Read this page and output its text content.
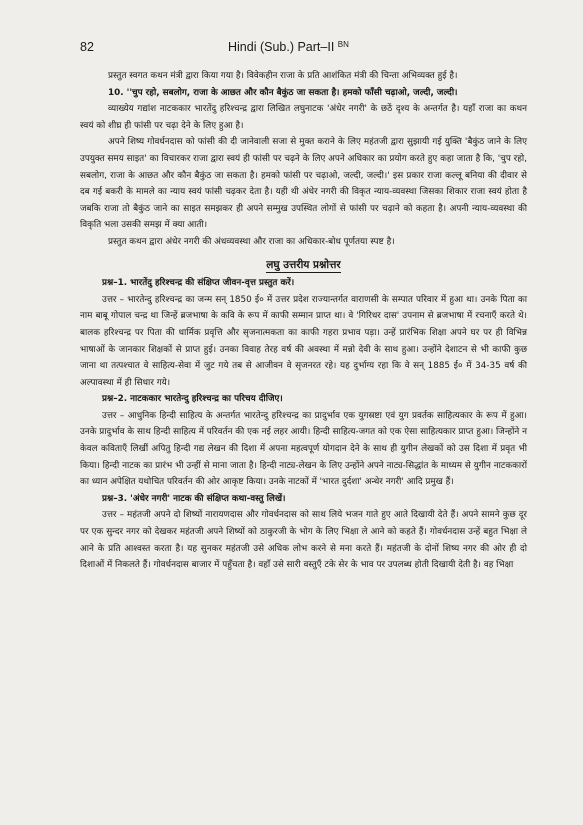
82	Hindi (Sub.) Part–II $^{BN}$

प्रस्तुत स्वगत कथन मंत्री द्वारा किया गया है। विवेकहीन राजा के प्रति आशंकित मंत्री की चिन्ता अभिव्यक्त हुई है।

10. ''चुप रहो, सबलोग, राजा के आछत और कौन बैकुंठ जा सकता है। हमको फाँसी चढ़ाओ, जल्दी, जल्दी।

व्याख्येय गद्यांश नाटककार भारतेंदु हरिश्चन्द्र द्वारा लिखित लघुनाटक 'अंधेर नगरी' के छठें दृश्य के अन्तर्गत है। यहाँ राजा का कथन स्वयं को शीघ्र ही फांसी पर चढ़ा देने के लिए हुआ है।

अपने शिष्य गोवर्धनदास को फांसी की दी जानेवाली सजा से मुक्त कराने के लिए महंतजी द्वारा सुझायी गई युक्ति 'बैकुंठ जाने के लिए उपयुक्त समय साइत' का विचारकर राजा द्वारा स्वयं ही फांसी पर चढ़ने के लिए अपने अधिकार का प्रयोग करते हुए कहा जाता है कि, 'चुप रहो, सबलोग, राजा के आछत और कौन बैकुंठ जा सकता है। हमको फांसी पर चढ़ाओ, जल्दी, जल्दी।' इस प्रकार राजा कल्लू बनिया की दीवार से दब गई बकरी के मामले का न्याय स्वयं फांसी चढ़कर देता है। यही थी अंधेर नगरी की विकृत न्याय-व्यवस्था जिसका शिकार राजा स्वयं होता है जबकि राजा तो बैकुंठ जाने का साइत समझकर ही अपने सम्मुख उपस्थित लोगों से फांसी पर चढ़ाने को कहता है। अपनी न्याय-व्यवस्था की विकृति भला उसकी समझ में क्या आती।

प्रस्तुत कथन द्वारा अंधेर नगरी की अंधव्यवस्था और राजा का अधिकार-बोध पूर्णतया स्पष्ट है।

लघु उत्तरीय प्रश्नोत्तर

प्रश्न–1. भारतेंदु हरिश्चन्द्र की संक्षिप्त जीवन-वृत्त प्रस्तुत करें।

उत्तर – भारतेन्दु हरिश्चन्द्र का जन्म सन् 1850 ई० में उत्तर प्रदेश राज्यान्तर्गत वाराणसी के सम्पात परिवार में हुआ था। उनके पिता का नाम बाबू गोपाल चन्द्र था जिन्हें ब्रजभाषा के कवि के रूप में काफी सम्मान प्राप्त था। वे 'गिरिधर दास' उपनाम से ब्रजभाषा में रचनाएँ करते थे। बालक हरिश्चन्द्र पर पिता की धार्मिक प्रवृत्ति और सृजनात्मकता का काफी गहरा प्रभाव पड़ा। उन्हें प्रारंभिक शिक्षा अपने घर पर ही विभिन्न भाषाओं के जानकार शिक्षकों से प्राप्त हुई। उनका विवाह तेरह वर्ष की अवस्था में मन्नो देवी के साथ हुआ। उन्होंने देशाटन से भी काफी कुछ जाना था तत्पश्चात वे साहित्य-सेवा में जुट गये तब से आजीवन वे सृजनरत रहे। यह दुर्भाग्य रहा कि वे सन् 1885 ई० में 34-35 वर्ष की अल्पावस्था में ही सिधार गये।

प्रश्न–2. नाटककार भारतेन्दु हरिश्चन्द्र का परिचय दीजिए।

उत्तर – आधुनिक हिन्दी साहित्य के अन्तर्गत भारतेन्दु हरिश्चन्द्र का प्रादुर्भाव एक युगस्रष्टा एवं युग प्रवर्तक साहित्यकार के रूप में हुआ। उनके प्रादुर्भाव के साथ हिन्दी साहित्य में परिवर्तन की एक नई लहर आयी। हिन्दी साहित्य-जगत को एक ऐसा साहित्यकार प्राप्त हुआ। जिन्होंने न केवल कविताएँ लिखीं अपितु हिन्दी गद्य लेखन की दिशा में अपना महत्वपूर्ण योगदान देने के साथ ही युगीन लेखकों को उस दिशा में प्रवृत भी किया। हिन्दी नाटक का प्रारंभ भी उन्हीं से माना जाता है। हिन्दी नाट्य-लेखन के लिए उन्होंने अपने नाट्य-सिद्धांत के माध्यम से युगीन नाटककारों का ध्यान अपेक्षित यथोचित परिवर्तन की ओर आकृष्ट किया। उनके नाटकों में 'भारत दुर्दशा' अन्धेर नगरी' आदि प्रमुख हैं।

प्रश्न–3. 'अंधेर नगरी' नाटक की संक्षिप्त कथा-वस्तु लिखें।

उत्तर – महंतजी अपने दो शिष्यों नारायणदास और गोवर्धनदास को साथ लिये भजन गाते हुए आते दिखायी देते हैं। अपने सामने कुछ दूर पर एक सुन्दर नगर को देखकर महंतजी अपने शिष्यों को ठाकुरजी के भोग के लिए भिक्षा ले आने को कहते हैं। गोवर्धनदास उन्हें बहुत भिक्षा ले आने के प्रति आश्वस्त करता है। यह सुनकर महंतजी उसे अधिक लोभ करने से मना करते हैं। महंतजी के दोनों शिष्य नगर की ओर ही दो दिशाओं में निकलते हैं। गोवर्धनदास बाजार में पहुँचता है। वहाँ उसे सारी वस्तुएँ टके सेर के भाव पर उपलब्ध होती दिखायी देती है। वह भिक्षा
